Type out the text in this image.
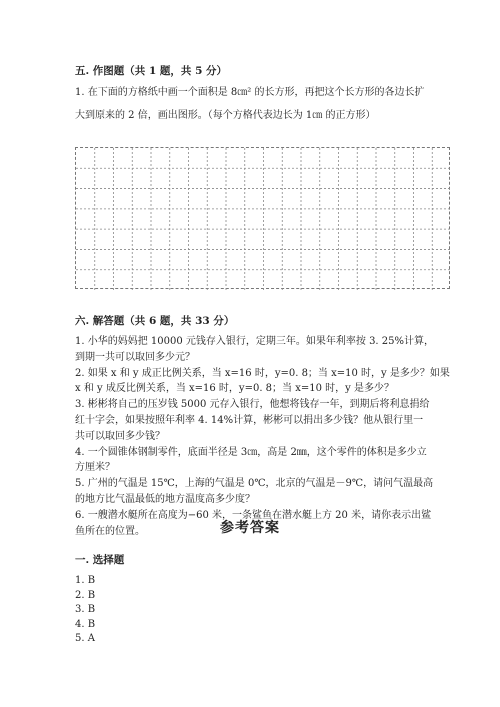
五. 作图题（共 1 题，共 5 分）
1. 在下面的方格纸中画一个面积是 8㎝² 的长方形，再把这个长方形的各边长扩
大到原来的 2 倍，画出图形。（每个方格代表边长为 1㎝ 的正方形）
六. 解答题（共 6 题，共 33 分）
1. 小华的妈妈把 10000 元钱存入银行，定期三年。如果年利率按 3. 25%计算，
到期一共可以取回多少元？
2. 如果 x 和 y 成正比例关系，当 x=16 时，y=0. 8；当 x=10 时，y 是多少？如果
x 和 y 成反比例关系，当 x=16 时，y=0. 8；当 x=10 时，y 是多少？
3. 彬彬将自己的压岁钱 5000 元存入银行，他想将钱存一年，到期后将利息捐给
红十字会，如果按照年利率 4. 14%计算，彬彬可以捐出多少钱？他从银行里一
共可以取回多少钱？
4. 一个圆锥体钢制零件，底面半径是 3㎝，高是 2㎜，这个零件的体积是多少立
方厘米？
5. 广州的气温是 15℃，上海的气温是 0℃，北京的气温是－9℃，请问气温最高
的地方比气温最低的地方温度高多少度？
6. 一艘潜水艇所在高度为−60 米，一条鲨鱼在潜水艇上方 20 米，请你表示出鲨
鱼所在的位置。	参考答案
一. 选择题
1. B
2. B
3. B
4. B
5. A
